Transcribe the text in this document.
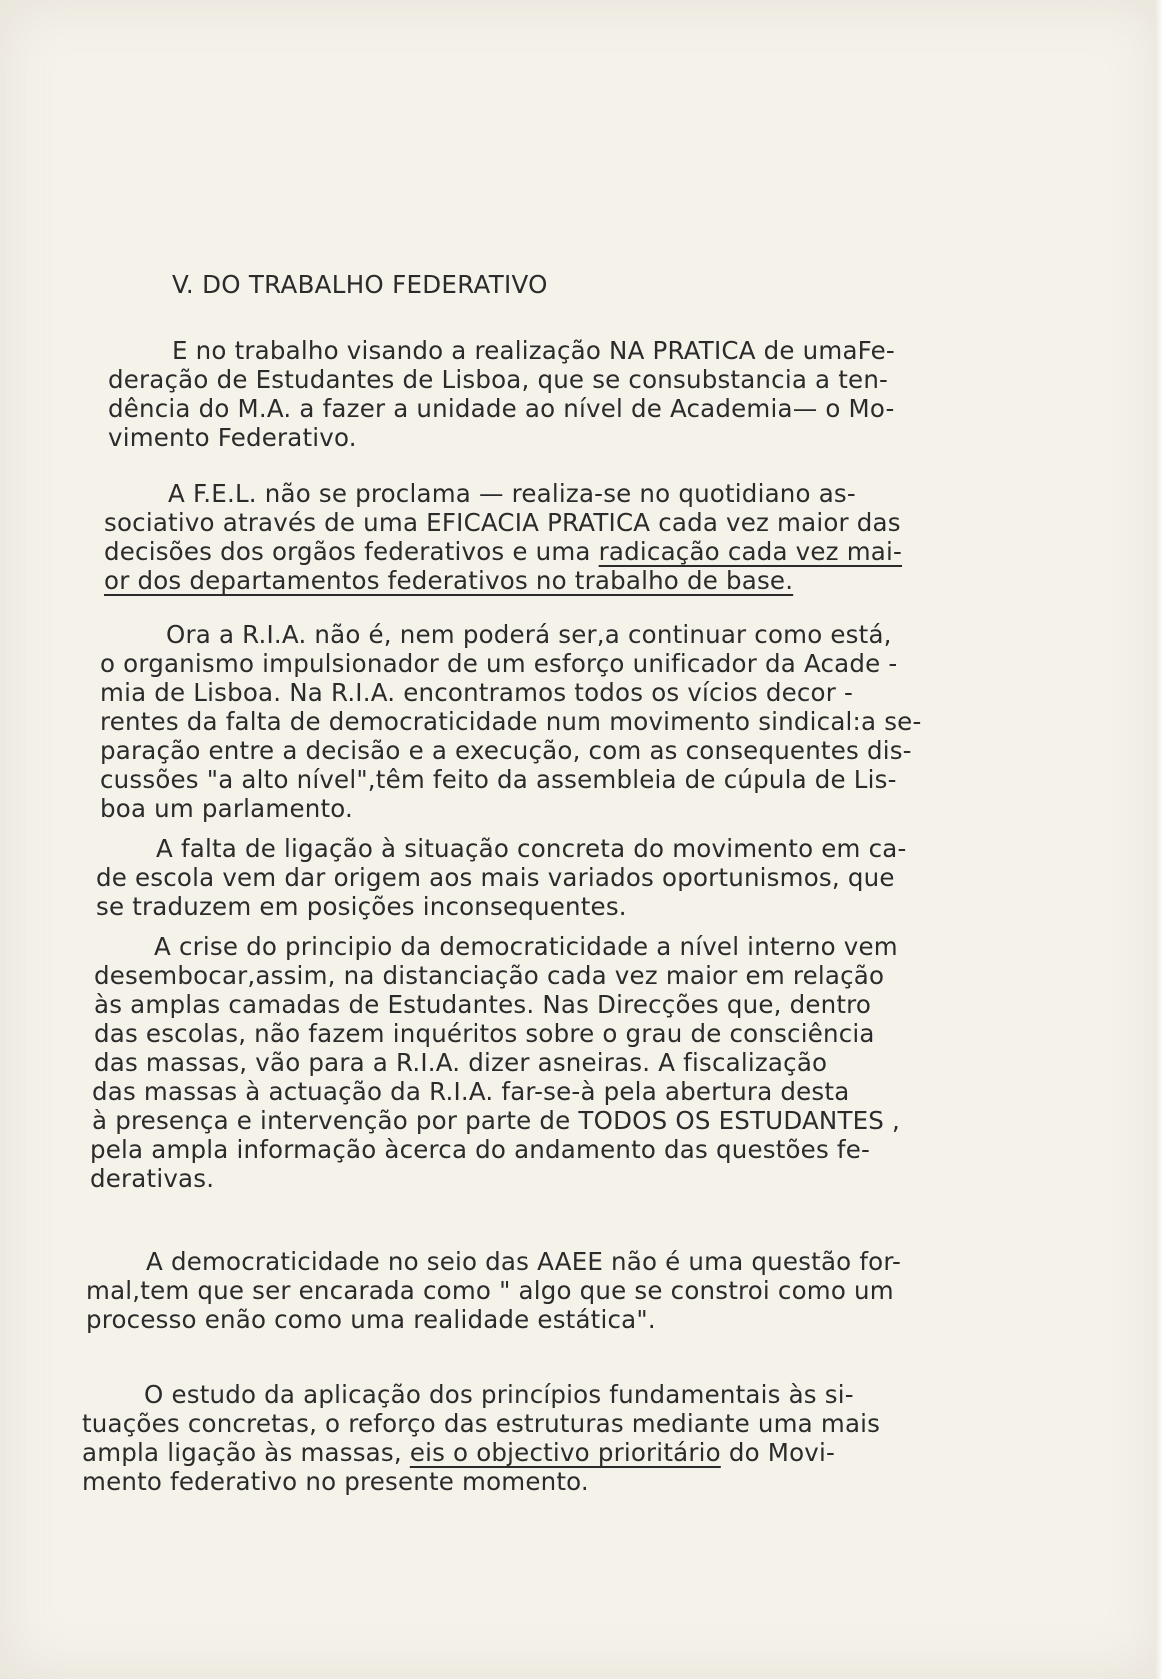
V. DO TRABALHO FEDERATIVO
E no trabalho visando a realização NA PRATICA de umaFe-
deração de Estudantes de Lisboa, que se consubstancia a ten-
dência do M.A. a fazer a unidade ao nível de Academia— o Mo-
vimento Federativo.
A F.E.L. não se proclama — realiza-se no quotidiano as-
sociativo através de uma EFICACIA PRATICA cada vez maior das
decisões dos orgãos federativos e uma radicação cada vez mai-
or dos departamentos federativos no trabalho de base.
Ora a R.I.A. não é, nem poderá ser,a continuar como está,
o organismo impulsionador de um esforço unificador da Acade -
mia de Lisboa. Na R.I.A. encontramos todos os vícios decor -
rentes da falta de democraticidade num movimento sindical:a se-
paração entre a decisão e a execução, com as consequentes dis-
cussões "a alto nível",têm feito da assembleia de cúpula de Lis-
boa um parlamento.
A falta de ligação à situação concreta do movimento em ca-
de escola vem dar origem aos mais variados oportunismos, que
se traduzem em posições inconsequentes.
A crise do principio da democraticidade a nível interno vem
desembocar,assim, na distanciação cada vez maior em relação
às amplas camadas de Estudantes. Nas Direcções que, dentro
das escolas, não fazem inquéritos sobre o grau de consciência
das massas, vão para a R.I.A. dizer asneiras. A fiscalização
das massas à actuação da R.I.A. far-se-à pela abertura desta
à presença e intervenção por parte de TODOS OS ESTUDANTES ,
pela ampla informação àcerca do andamento das questões fe-
derativas.
A democraticidade no seio das AAEE não é uma questão for-
mal,tem que ser encarada como " algo que se constroi como um
processo enão como uma realidade estática".
O estudo da aplicação dos princípios fundamentais às si-
tuações concretas, o reforço das estruturas mediante uma mais
ampla ligação às massas, eis o objectivo prioritário do Movi-
mento federativo no presente momento.
